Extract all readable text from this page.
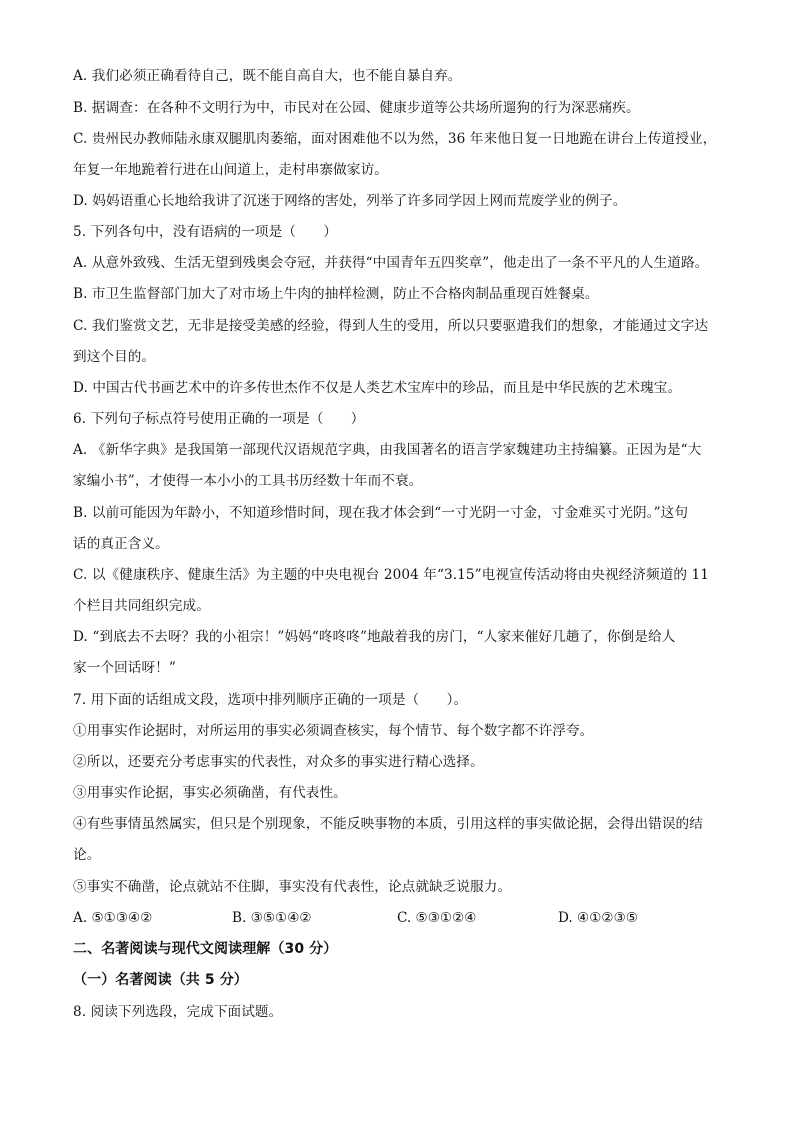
A. 我们必须正确看待自己，既不能自高自大，也不能自暴自弃。
B. 据调查：在各种不文明行为中，市民对在公园、健康步道等公共场所遛狗的行为深恶痛疾。
C. 贵州民办教师陆永康双腿肌肉萎缩，面对困难他不以为然，36 年来他日复一日地跪在讲台上传道授业，
年复一年地跪着行进在山间道上，走村串寨做家访。
D. 妈妈语重心长地给我讲了沉迷于网络的害处，列举了许多同学因上网而荒废学业的例子。
5. 下列各句中，没有语病的一项是（　　）
A. 从意外致残、生活无望到残奥会夺冠，并获得“中国青年五四奖章”，他走出了一条不平凡的人生道路。
B. 市卫生监督部门加大了对市场上牛肉的抽样检测，防止不合格肉制品重现百姓餐桌。
C. 我们鉴赏文艺，无非是接受美感的经验，得到人生的受用，所以只要驱遣我们的想象，才能通过文字达
到这个目的。
D. 中国古代书画艺术中的许多传世杰作不仅是人类艺术宝库中的珍品，而且是中华民族的艺术瑰宝。
6. 下列句子标点符号使用正确的一项是（　　）
A. 《新华字典》是我国第一部现代汉语规范字典，由我国著名的语言学家魏建功主持编纂。正因为是“大
家编小书”，才使得一本小小的工具书历经数十年而不衰。
B. 以前可能因为年龄小，不知道珍惜时间，现在我才体会到“一寸光阴一寸金，寸金难买寸光阴。”这句
话的真正含义。
C. 以《健康秩序、健康生活》为主题的中央电视台 2004 年“3.15”电视宣传活动将由央视经济频道的 11
个栏目共同组织完成。
D. “到底去不去呀？我的小祖宗！”妈妈“咚咚咚”地敲着我的房门，“人家来催好几趟了，你倒是给人
家一个回话呀！”
7. 用下面的话组成文段，选项中排列顺序正确的一项是（　　）。
①用事实作论据时，对所运用的事实必须调查核实，每个情节、每个数字都不许浮夸。
②所以，还要充分考虑事实的代表性，对众多的事实进行精心选择。
③用事实作论据，事实必须确凿，有代表性。
④有些事情虽然属实，但只是个别现象，不能反映事物的本质，引用这样的事实做论据，会得出错误的结
论。
⑤事实不确凿，论点就站不住脚，事实没有代表性，论点就缺乏说服力。
A. ⑤①③④②	B. ③⑤①④②	C. ⑤③①②④	D. ④①②③⑤
二、名著阅读与现代文阅读理解（30 分）
（一）名著阅读（共 5 分）
8. 阅读下列选段，完成下面试题。
